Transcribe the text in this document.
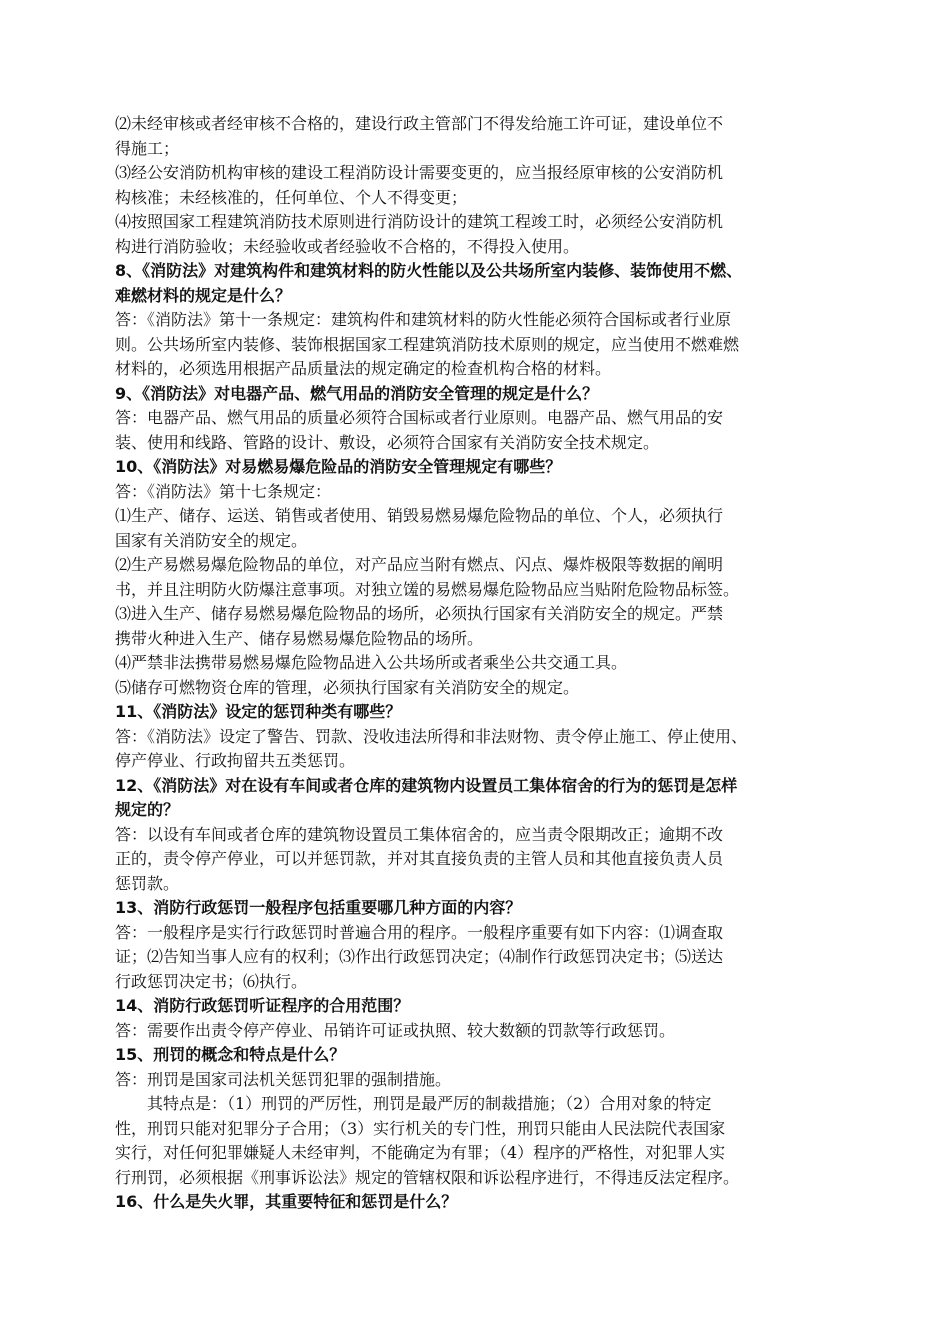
⑵未经审核或者经审核不合格的，建设行政主管部门不得发给施工许可证，建设单位不
得施工；
⑶经公安消防机构审核的建设工程消防设计需要变更的，应当报经原审核的公安消防机
构核准；未经核准的，任何单位、个人不得变更；
⑷按照国家工程建筑消防技术原则进行消防设计的建筑工程竣工时，必须经公安消防机
构进行消防验收；未经验收或者经验收不合格的，不得投入使用。
8、《消防法》对建筑构件和建筑材料的防火性能以及公共场所室内装修、装饰使用不燃、
难燃材料的规定是什么？
答：《消防法》第十一条规定：建筑构件和建筑材料的防火性能必须符合国标或者行业原
则。公共场所室内装修、装饰根据国家工程建筑消防技术原则的规定，应当使用不燃难燃
材料的，必须选用根据产品质量法的规定确定的检查机构合格的材料。
9、《消防法》对电器产品、燃气用品的消防安全管理的规定是什么？
答：电器产品、燃气用品的质量必须符合国标或者行业原则。电器产品、燃气用品的安
装、使用和线路、管路的设计、敷设，必须符合国家有关消防安全技术规定。
10、《消防法》对易燃易爆危险品的消防安全管理规定有哪些？
答：《消防法》第十七条规定：
⑴生产、储存、运送、销售或者使用、销毁易燃易爆危险物品的单位、个人，必须执行
国家有关消防安全的规定。
⑵生产易燃易爆危险物品的单位，对产品应当附有燃点、闪点、爆炸极限等数据的阐明
书，并且注明防火防爆注意事项。对独立馐的易燃易爆危险物品应当贴附危险物品标签。
⑶进入生产、储存易燃易爆危险物品的场所，必须执行国家有关消防安全的规定。严禁
携带火种进入生产、储存易燃易爆危险物品的场所。
⑷严禁非法携带易燃易爆危险物品进入公共场所或者乘坐公共交通工具。
⑸储存可燃物资仓库的管理，必须执行国家有关消防安全的规定。
11、《消防法》设定的惩罚种类有哪些？
答：《消防法》设定了警告、罚款、没收违法所得和非法财物、责令停止施工、停止使用、
停产停业、行政拘留共五类惩罚。
12、《消防法》对在设有车间或者仓库的建筑物内设置员工集体宿舍的行为的惩罚是怎样
规定的？
答：以设有车间或者仓库的建筑物设置员工集体宿舍的，应当责令限期改正；逾期不改
正的，责令停产停业，可以并惩罚款，并对其直接负责的主管人员和其他直接负责人员
惩罚款。
13、消防行政惩罚一般程序包括重要哪几种方面的内容？
答：一般程序是实行行政惩罚时普遍合用的程序。一般程序重要有如下内容：⑴调查取
证；⑵告知当事人应有的权利；⑶作出行政惩罚决定；⑷制作行政惩罚决定书；⑸送达
行政惩罚决定书；⑹执行。
14、消防行政惩罚听证程序的合用范围？
答：需要作出责令停产停业、吊销许可证或执照、较大数额的罚款等行政惩罚。
15、刑罚的概念和特点是什么？
答：刑罚是国家司法机关惩罚犯罪的强制措施。
其特点是：（1）刑罚的严厉性，刑罚是最严厉的制裁措施；（2）合用对象的特定
性，刑罚只能对犯罪分子合用；（3）实行机关的专门性，刑罚只能由人民法院代表国家
实行，对任何犯罪嫌疑人未经审判，不能确定为有罪；（4）程序的严格性，对犯罪人实
行刑罚，必须根据《刑事诉讼法》规定的管辖权限和诉讼程序进行，不得违反法定程序。
16、什么是失火罪，其重要特征和惩罚是什么？
